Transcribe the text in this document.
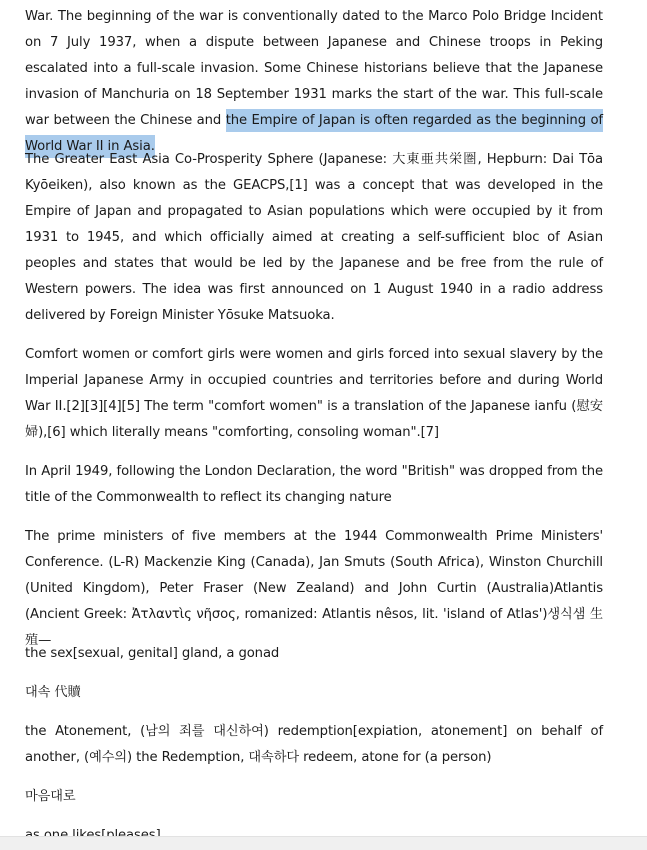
War. The beginning of the war is conventionally dated to the Marco Polo Bridge Incident on 7 July 1937, when a dispute between Japanese and Chinese troops in Peking escalated into a full-scale invasion. Some Chinese historians believe that the Japanese invasion of Manchuria on 18 September 1931 marks the start of the war. This full-scale war between the Chinese and the Empire of Japan is often regarded as the beginning of World War II in Asia.

The Greater East Asia Co-Prosperity Sphere (Japanese: 大東亜共栄圏, Hepburn: Dai Tōa Kyōeiken), also known as the GEACPS,[1] was a concept that was developed in the Empire of Japan and propagated to Asian populations which were occupied by it from 1931 to 1945, and which officially aimed at creating a self-sufficient bloc of Asian peoples and states that would be led by the Japanese and be free from the rule of Western powers. The idea was first announced on 1 August 1940 in a radio address delivered by Foreign Minister Yōsuke Matsuoka.

Comfort women or comfort girls were women and girls forced into sexual slavery by the Imperial Japanese Army in occupied countries and territories before and during World War II.[2][3][4][5] The term "comfort women" is a translation of the Japanese ianfu (慰安婦),[6] which literally means "comforting, consoling woman".[7]

In April 1949, following the London Declaration, the word "British" was dropped from the title of the Commonwealth to reflect its changing nature

The prime ministers of five members at the 1944 Commonwealth Prime Ministers' Conference. (L-R) Mackenzie King (Canada), Jan Smuts (South Africa), Winston Churchill (United Kingdom), Peter Fraser (New Zealand) and John Curtin (Australia)Atlantis (Ancient Greek: Ἀτλαντὶς νῆσος, romanized: Atlantis nêsos, lit. 'island of Atlas')생식샘 生殖—

the sex[sexual, genital] gland, a gonad

대속 代贖

the Atonement, (남의 죄를 대신하여) redemption[expiation, atonement] on behalf of another, (예수의) the Redemption, 대속하다 redeem, atone for (a person)

마음대로
